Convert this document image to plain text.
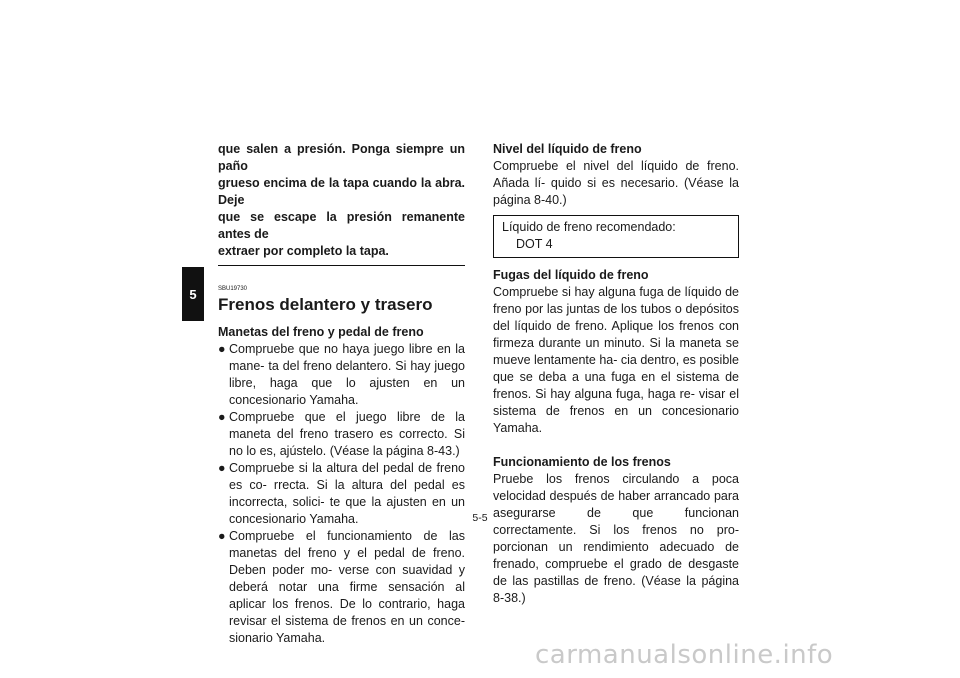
5
que salen a presión. Ponga siempre un paño
grueso encima de la tapa cuando la abra. Deje
que se escape la presión remanente antes de
extraer por completo la tapa.
SBU19730
Frenos delantero y trasero
Manetas del freno y pedal de freno
● Compruebe que no haya juego libre en la mane- ta del freno delantero. Si hay juego libre, haga que lo ajusten en un concesionario Yamaha.
● Compruebe que el juego libre de la maneta del freno trasero es correcto. Si no lo es, ajústelo. (Véase la página 8-43.)
● Compruebe si la altura del pedal de freno es co- rrecta. Si la altura del pedal es incorrecta, solici- te que la ajusten en un concesionario Yamaha.
● Compruebe el funcionamiento de las manetas del freno y el pedal de freno. Deben poder mo- verse con suavidad y deberá notar una firme sensación al aplicar los frenos. De lo contrario, haga revisar el sistema de frenos en un conce- sionario Yamaha.
Nivel del líquido de freno
Compruebe el nivel del líquido de freno. Añada lí- quido si es necesario. (Véase la página 8-40.)
Líquido de freno recomendado:
DOT 4
Fugas del líquido de freno
Compruebe si hay alguna fuga de líquido de freno por las juntas de los tubos o depósitos del líquido de freno. Aplique los frenos con firmeza durante un minuto. Si la maneta se mueve lentamente ha- cia dentro, es posible que se deba a una fuga en el sistema de frenos. Si hay alguna fuga, haga re- visar el sistema de frenos en un concesionario Yamaha.
Funcionamiento de los frenos
Pruebe los frenos circulando a poca velocidad después de haber arrancado para asegurarse de que funcionan correctamente. Si los frenos no pro- porcionan un rendimiento adecuado de frenado, compruebe el grado de desgaste de las pastillas de freno. (Véase la página 8-38.)
5-5
carmanualsonline.info
